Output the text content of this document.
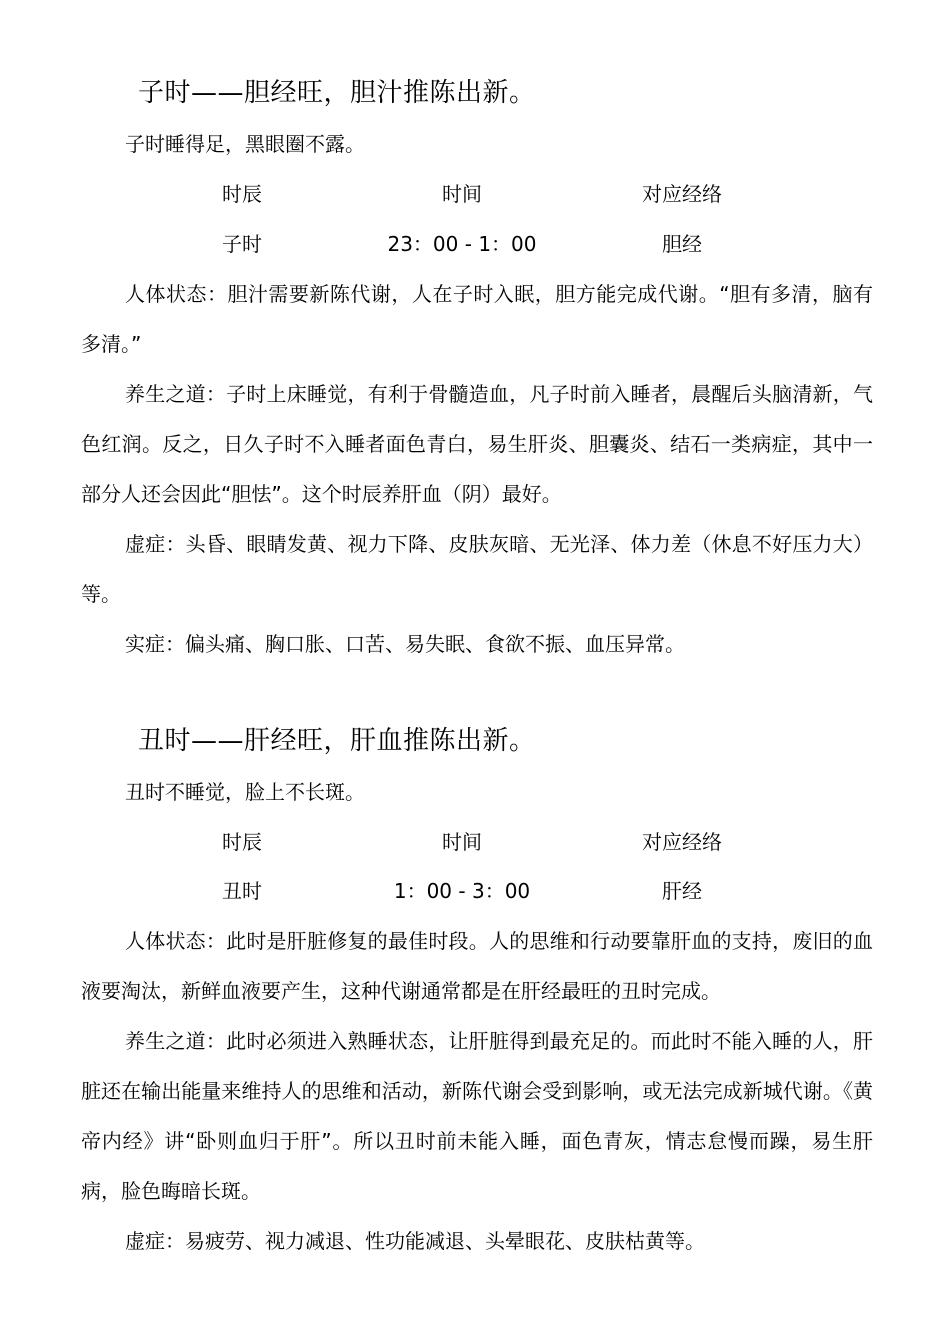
子时——胆经旺，胆汁推陈出新。
子时睡得足，黑眼圈不露。
时辰	时间	对应经络
子时	23：00 - 1：00	胆经
人体状态：胆汁需要新陈代谢，人在子时入眠，胆方能完成代谢。“胆有多清，脑有多清。”
养生之道：子时上床睡觉，有利于骨髓造血，凡子时前入睡者，晨醒后头脑清新，气色红润。反之，日久子时不入睡者面色青白，易生肝炎、胆囊炎、结石一类病症，其中一部分人还会因此“胆怯”。这个时辰养肝血（阴）最好。
虚症：头昏、眼睛发黄、视力下降、皮肤灰暗、无光泽、体力差（休息不好压力大）等。
实症：偏头痛、胸口胀、口苦、易失眠、食欲不振、血压异常。
丑时——肝经旺，肝血推陈出新。
丑时不睡觉，脸上不长斑。
时辰	时间	对应经络
丑时	1：00 - 3：00	肝经
人体状态：此时是肝脏修复的最佳时段。人的思维和行动要靠肝血的支持，废旧的血液要淘汰，新鲜血液要产生，这种代谢通常都是在肝经最旺的丑时完成。
养生之道：此时必须进入熟睡状态，让肝脏得到最充足的。而此时不能入睡的人，肝脏还在输出能量来维持人的思维和活动，新陈代谢会受到影响，或无法完成新城代谢。《黄帝内经》讲“卧则血归于肝”。所以丑时前未能入睡，面色青灰，情志怠慢而躁，易生肝病，脸色晦暗长斑。
虚症：易疲劳、视力减退、性功能减退、头晕眼花、皮肤枯黄等。
